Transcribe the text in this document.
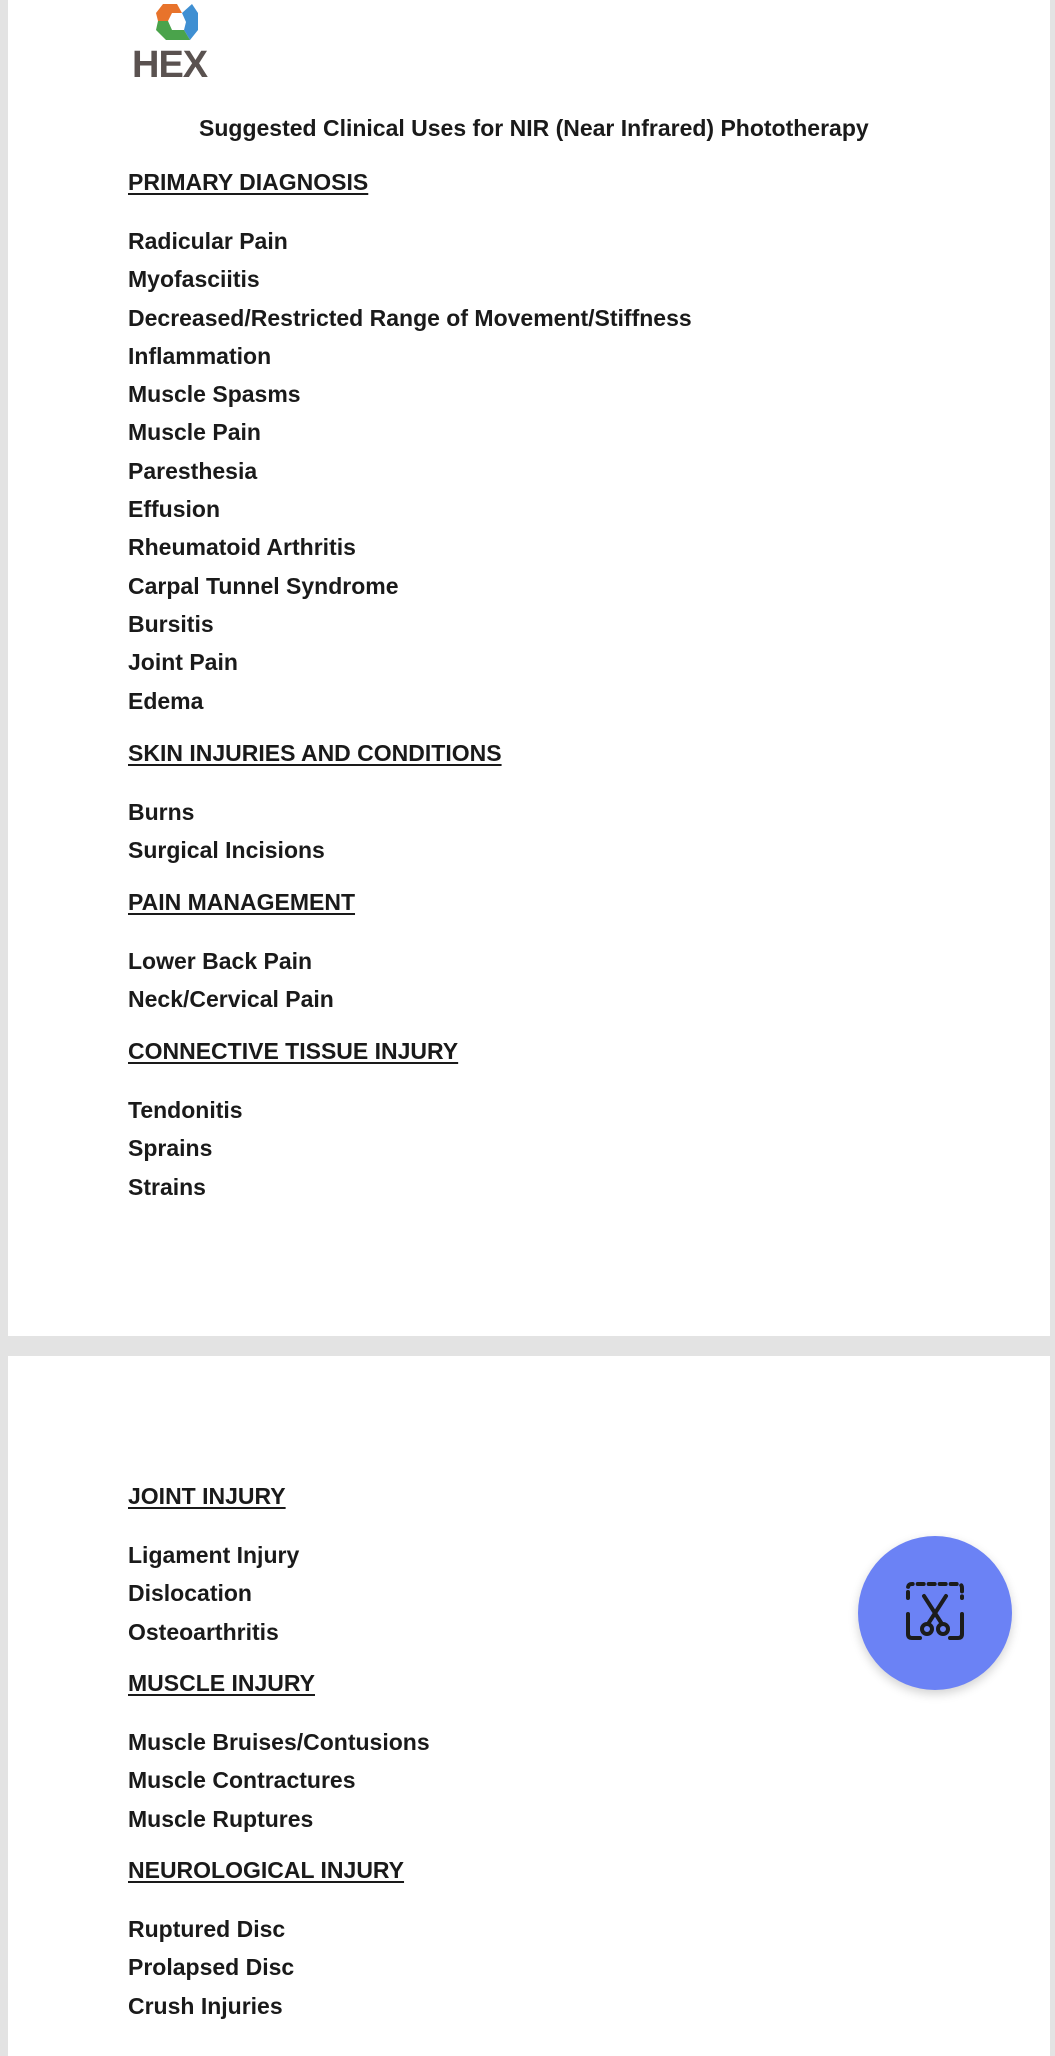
HEX
Suggested Clinical Uses for NIR (Near Infrared) Phototherapy
PRIMARY DIAGNOSIS
Radicular Pain
Myofasciitis
Decreased/Restricted Range of Movement/Stiffness
Inflammation
Muscle Spasms
Muscle Pain
Paresthesia
Effusion
Rheumatoid Arthritis
Carpal Tunnel Syndrome
Bursitis
Joint Pain
Edema
SKIN INJURIES AND CONDITIONS
Burns
Surgical Incisions
PAIN MANAGEMENT
Lower Back Pain
Neck/Cervical Pain
CONNECTIVE TISSUE INJURY
Tendonitis
Sprains
Strains
JOINT INJURY
Ligament Injury
Dislocation
Osteoarthritis
MUSCLE INJURY
Muscle Bruises/Contusions
Muscle Contractures
Muscle Ruptures
NEUROLOGICAL INJURY
Ruptured Disc
Prolapsed Disc
Crush Injuries
